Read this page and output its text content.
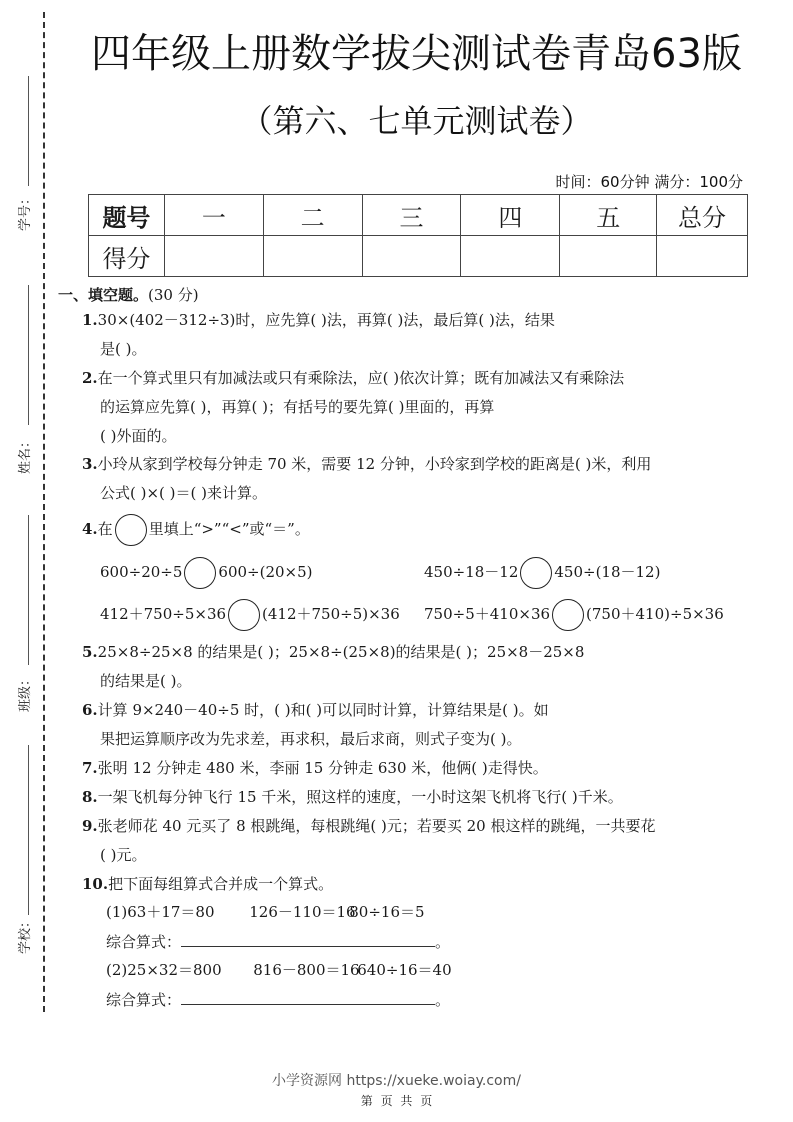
学号：
姓名：
班级：
学校：
四年级上册数学拔尖测试卷青岛63版
（第六、七单元测试卷）
时间：60分钟 满分：100分
题号	一	二	三	四	五	总分
得分						
一、填空题。(30 分)
1.30×(402－312÷3)时，应先算( )法，再算( )法，最后算( )法，结果
是( )。
2.在一个算式里只有加减法或只有乘除法，应( )依次计算；既有加减法又有乘除法
的运算应先算( )，再算( )；有括号的要先算( )里面的，再算
( )外面的。
3.小玲从家到学校每分钟走 70 米，需要 12 分钟，小玲家到学校的距离是( )米，利用
公式( )×( )＝( )来计算。
4.在 里填上“>”“<”或“＝”。
600÷20÷5 600÷(20×5)	450÷18－12 450÷(18－12)
412＋750÷5×36 (412＋750÷5)×36 750÷5＋410×36 (750＋410)÷5×36
5.25×8÷25×8 的结果是( )；25×8÷(25×8)的结果是( )；25×8－25×8
的结果是( )。
6.计算 9×240－40÷5 时，( )和( )可以同时计算，计算结果是( )。如
果把运算顺序改为先求差，再求积，最后求商，则式子变为( )。
7.张明 12 分钟走 480 米，李丽 15 分钟走 630 米，他俩( )走得快。
8.一架飞机每分钟飞行 15 千米，照这样的速度，一小时这架飞机将飞行( )千米。
9.张老师花 40 元买了 8 根跳绳，每根跳绳( )元；若要买 20 根这样的跳绳，一共要花
( )元。
10.把下面每组算式合并成一个算式。
(1)63＋17＝80 126－110＝1680÷16＝5
综合算式：	。
(2)25×32＝800 816－800＝16640÷16＝40
综合算式：	。
小学资源网 https://xueke.woiay.com/
第 页 共 页
